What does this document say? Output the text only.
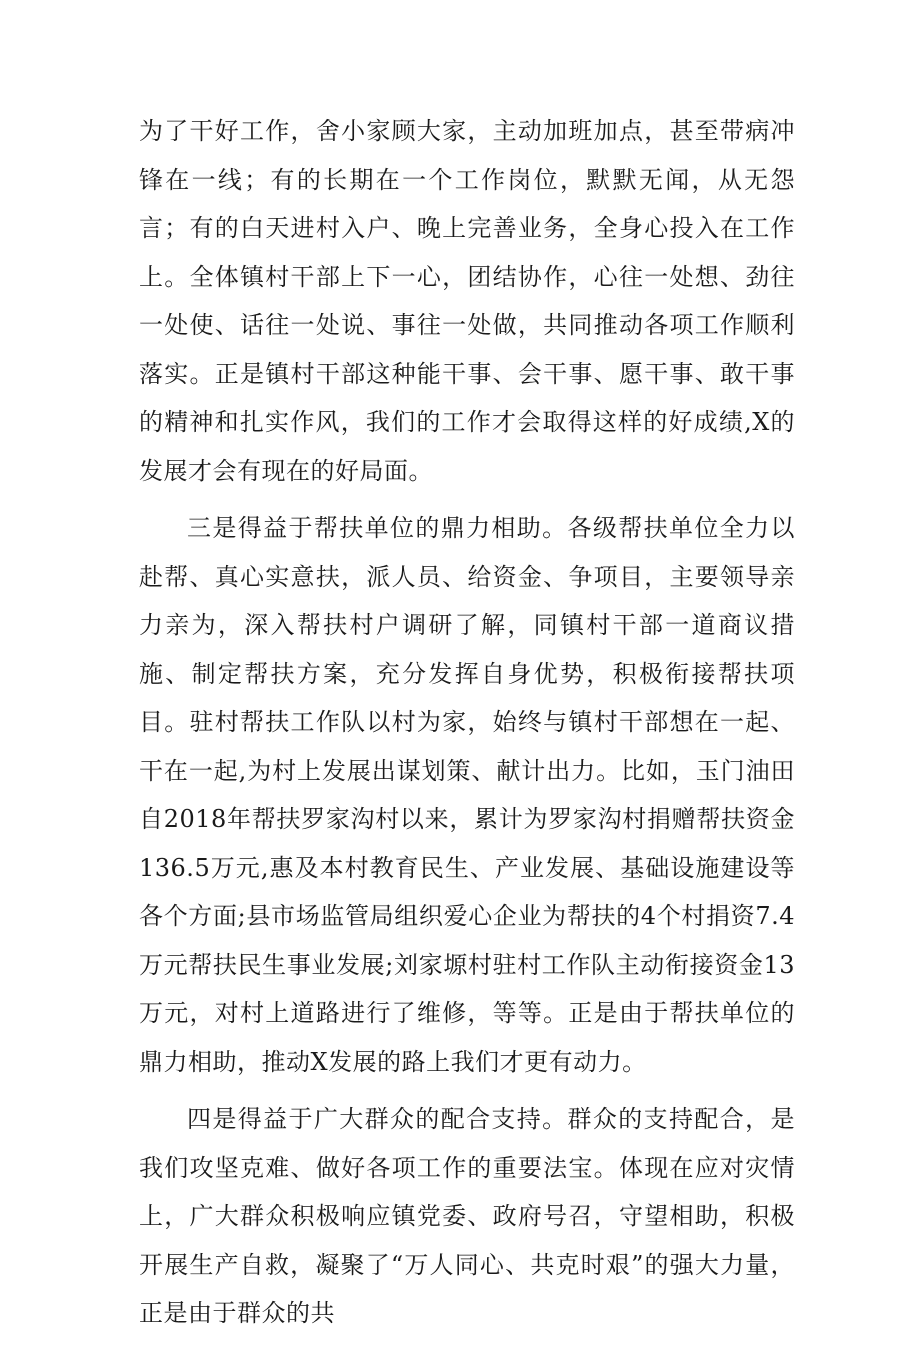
为了干好工作，舍小家顾大家，主动加班加点，甚至带病冲锋在一线；有的长期在一个工作岗位，默默无闻，从无怨言；有的白天进村入户、晚上完善业务，全身心投入在工作上。全体镇村干部上下一心，团结协作，心往一处想、劲往一处使、话往一处说、事往一处做，共同推动各项工作顺利落实。正是镇村干部这种能干事、会干事、愿干事、敢干事的精神和扎实作风，我们的工作才会取得这样的好成绩,X的发展才会有现在的好局面。

三是得益于帮扶单位的鼎力相助。各级帮扶单位全力以赴帮、真心实意扶，派人员、给资金、争项目，主要领导亲力亲为，深入帮扶村户调研了解，同镇村干部一道商议措施、制定帮扶方案，充分发挥自身优势，积极衔接帮扶项目。驻村帮扶工作队以村为家，始终与镇村干部想在一起、干在一起,为村上发展出谋划策、献计出力。比如，玉门油田自2018年帮扶罗家沟村以来，累计为罗家沟村捐赠帮扶资金136.5万元,惠及本村教育民生、产业发展、基础设施建设等各个方面;县市场监管局组织爱心企业为帮扶的4个村捐资7.4万元帮扶民生事业发展;刘家塬村驻村工作队主动衔接资金13万元，对村上道路进行了维修，等等。正是由于帮扶单位的鼎力相助，推动X发展的路上我们才更有动力。

四是得益于广大群众的配合支持。群众的支持配合，是我们攻坚克难、做好各项工作的重要法宝。体现在应对灾情上，广大群众积极响应镇党委、政府号召，守望相助，积极开展生产自救，凝聚了“万人同心、共克时艰”的强大力量，正是由于群众的共
